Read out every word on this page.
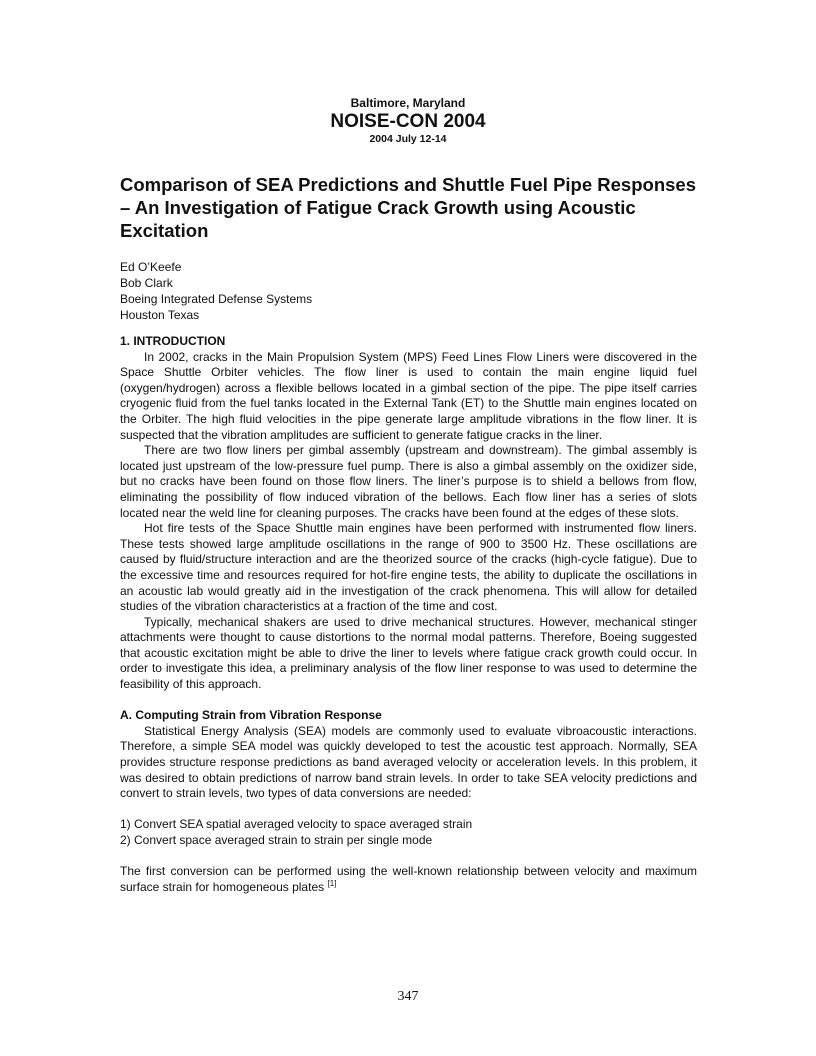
Baltimore, Maryland
NOISE-CON 2004
2004 July 12-14
Comparison of SEA Predictions and Shuttle Fuel Pipe Responses – An Investigation of Fatigue Crack Growth using Acoustic Excitation
Ed O’Keefe
Bob Clark
Boeing Integrated Defense Systems
Houston Texas
1. INTRODUCTION

In 2002, cracks in the Main Propulsion System (MPS) Feed Lines Flow Liners were discovered in the Space Shuttle Orbiter vehicles. The flow liner is used to contain the main engine liquid fuel (oxygen/hydrogen) across a flexible bellows located in a gimbal section of the pipe. The pipe itself carries cryogenic fluid from the fuel tanks located in the External Tank (ET) to the Shuttle main engines located on the Orbiter. The high fluid velocities in the pipe generate large amplitude vibrations in the flow liner. It is suspected that the vibration amplitudes are sufficient to generate fatigue cracks in the liner.

There are two flow liners per gimbal assembly (upstream and downstream). The gimbal assembly is located just upstream of the low-pressure fuel pump. There is also a gimbal assembly on the oxidizer side, but no cracks have been found on those flow liners. The liner’s purpose is to shield a bellows from flow, eliminating the possibility of flow induced vibration of the bellows. Each flow liner has a series of slots located near the weld line for cleaning purposes. The cracks have been found at the edges of these slots.

Hot fire tests of the Space Shuttle main engines have been performed with instrumented flow liners. These tests showed large amplitude oscillations in the range of 900 to 3500 Hz. These oscillations are caused by fluid/structure interaction and are the theorized source of the cracks (high-cycle fatigue). Due to the excessive time and resources required for hot-fire engine tests, the ability to duplicate the oscillations in an acoustic lab would greatly aid in the investigation of the crack phenomena. This will allow for detailed studies of the vibration characteristics at a fraction of the time and cost.

Typically, mechanical shakers are used to drive mechanical structures. However, mechanical stinger attachments were thought to cause distortions to the normal modal patterns. Therefore, Boeing suggested that acoustic excitation might be able to drive the liner to levels where fatigue crack growth could occur. In order to investigate this idea, a preliminary analysis of the flow liner response to was used to determine the feasibility of this approach.

A. Computing Strain from Vibration Response

Statistical Energy Analysis (SEA) models are commonly used to evaluate vibroacoustic interactions. Therefore, a simple SEA model was quickly developed to test the acoustic test approach. Normally, SEA provides structure response predictions as band averaged velocity or acceleration levels. In this problem, it was desired to obtain predictions of narrow band strain levels. In order to take SEA velocity predictions and convert to strain levels, two types of data conversions are needed:

1) Convert SEA spatial averaged velocity to space averaged strain
2) Convert space averaged strain to strain per single mode

The first conversion can be performed using the well-known relationship between velocity and maximum surface strain for homogeneous plates [1]

347
